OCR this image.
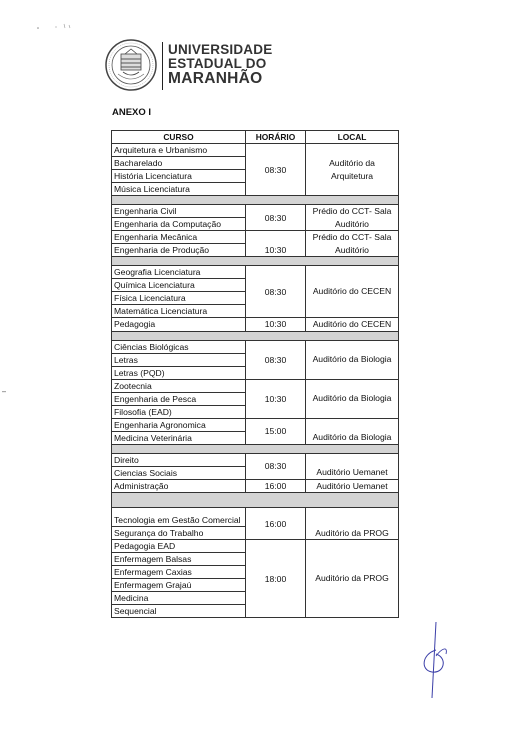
UNIVERSIDADE
ESTADUAL DO
MARANHÃO
ANEXO I
CURSO	HORÁRIO	LOCAL
Arquitetura e Urbanismo	08:30	Auditório da Arquitetura
Bacharelado		
História Licenciatura		
Música Licenciatura		

Engenharia Civil	08:30	Prédio do CCT- Sala Auditório
Engenharia da Computação		
Engenharia Mecânica	10:30	Prédio do CCT- Sala Auditório
Engenharia de Produção		

Geografia Licenciatura	08:30	Auditório do CECEN
Química Licenciatura		
Física Licenciatura		
Matemática Licenciatura		
Pedagogia	10:30	Auditório do CECEN

Ciências Biológicas	08:30	Auditório da Biologia
Letras		
Letras (PQD)		
Zootecnia	10:30	Auditório da Biologia
Engenharia de Pesca		
Filosofia (EAD)		
Engenharia Agronomica	15:00	Auditório da Biologia
Medicina Veterinária		

Direito	08:30	Auditório Uemanet
Ciencias Sociais		
Administração	16:00	Auditório Uemanet

Tecnologia em Gestão Comercial	16:00	Auditório da PROG
Segurança do Trabalho		
Pedagogia EAD	18:00	Auditório da PROG
Enfermagem Balsas		
Enfermagem Caxias		
Enfermagem Grajaú		
Medicina		
Sequencial		
